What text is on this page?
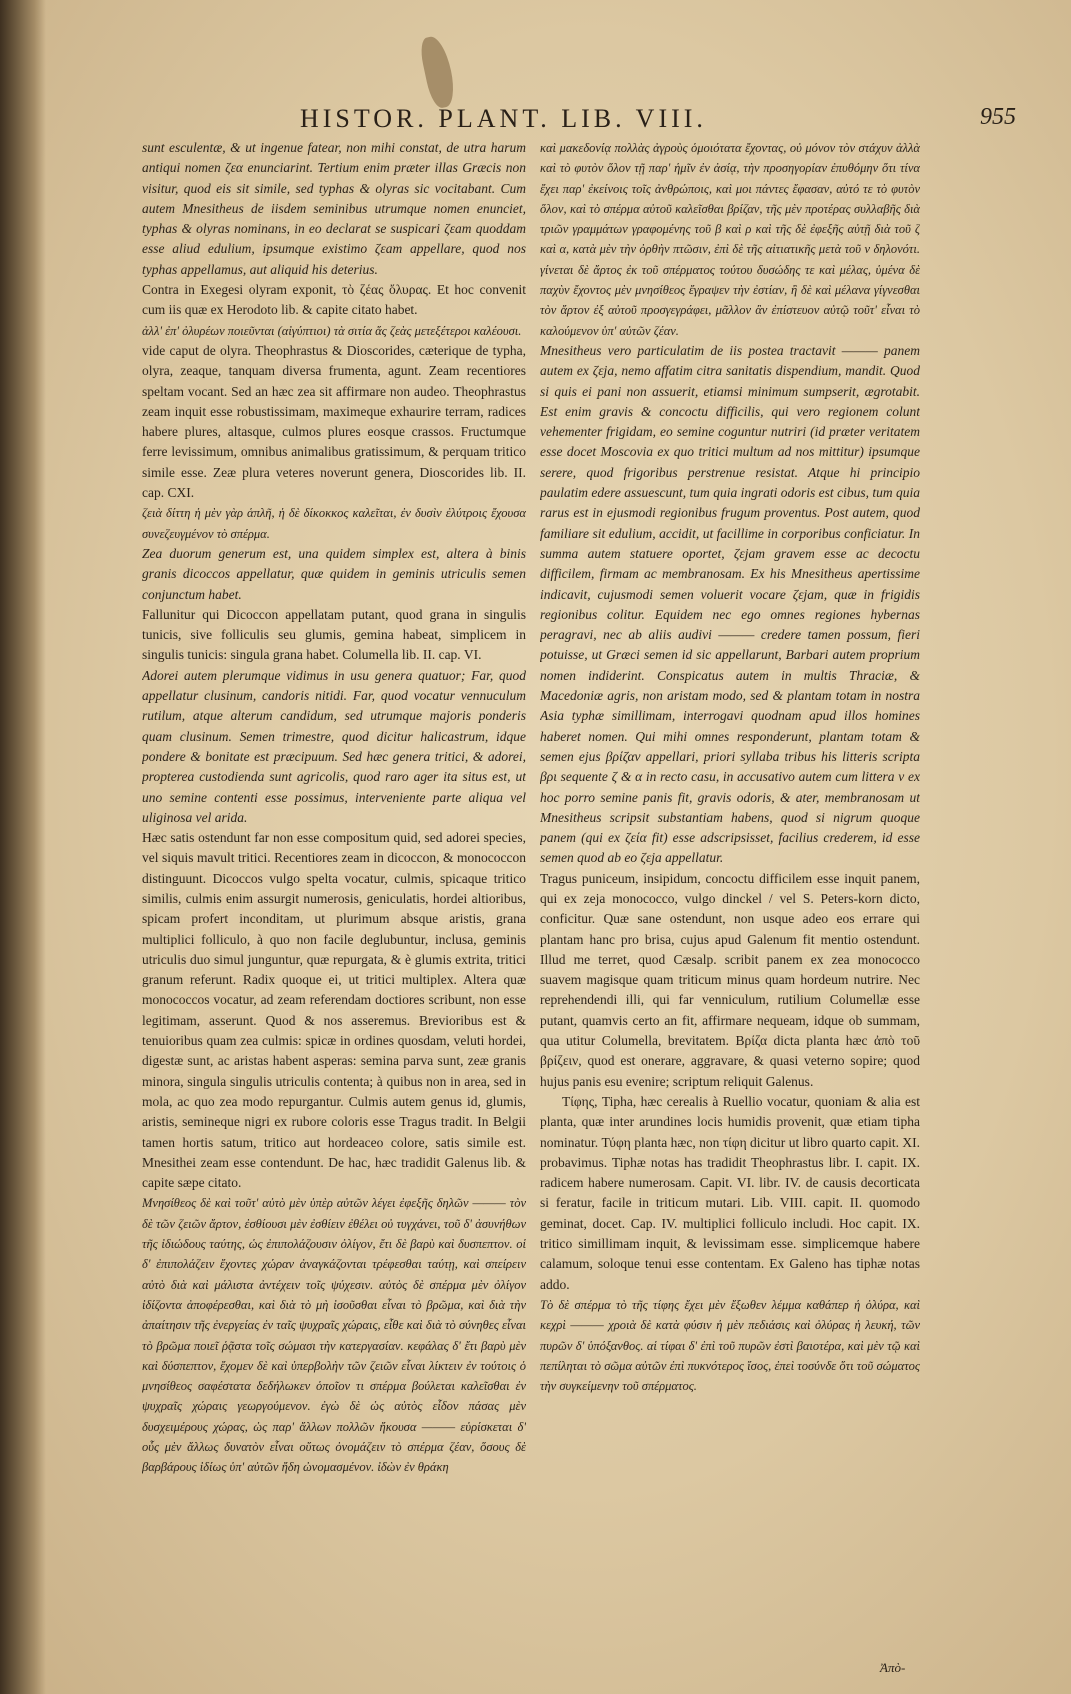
HISTOR. PLANT. LIB. VIII.	955

sunt esculentæ, & ut ingenue fatear, non mihi constat, de utra harum antiqui nomen ζεα enunciarint. Tertium enim præter illas Græcis non visitur, quod eis sit simile, sed typhas & olyras sic vocitabant. Cum autem Mnesitheus de iisdem seminibus utrumque nomen enunciet, typhas & olyras nominans, in eo declarat se suspicari ζεam quoddam esse aliud edulium, ipsumque existimo ζεam appellare, quod nos typhas appellamus, aut aliquid his deterius.

Contra in Exegesi olyram exponit, τὸ ζέας ὄλυρας. Et hoc convenit cum iis quæ ex Herodoto lib. & capite citato habet.

ἀλλ' ἐπ' ὀλυρέων ποιεῦνται (αἰγύπτιοι) τὰ σιτία ἅς ζεὰς μετεξέτεροι καλέουσι.

vide caput de olyra. Theophrastus & Dioscorides, cæterique de typha, olyra, zeaque, tanquam diversa frumenta, agunt. Zeam recentiores speltam vocant. Sed an hæc zea sit affirmare non audeo. Theophrastus zeam inquit esse robustissimam, maximeque exhaurire terram, radices habere plures, altasque, culmos plures eosque crassos. Fructumque ferre levissimum, omnibus animalibus gratissimum, & perquam tritico simile esse. Zeæ plura veteres noverunt genera, Dioscorides lib. II. cap. CXI.

ζειὰ δίττη ἡ μὲν γὰρ ἁπλῆ, ἡ δὲ δίκοκκος καλεῖται, ἐν δυσὶν ἐλύτροις ἔχουσα συνεζευγμένον τὸ σπέρμα.

Zea duorum generum est, una quidem simplex est, altera à binis granis dicoccos appellatur, quæ quidem in geminis utriculis semen conjunctum habet.

Fallunitur qui Dicoccon appellatam putant, quod grana in singulis tunicis, sive folliculis seu glumis, gemina habeat, simplicem in singulis tunicis: singula grana habet. Columella lib. II. cap. VI.

Adorei autem plerumque vidimus in usu genera quatuor; Far, quod appellatur clusinum, candoris nitidi. Far, quod vocatur vennuculum rutilum, atque alterum candidum, sed utrumque majoris ponderis quam clusinum. Semen trimestre, quod dicitur halicastrum, idque pondere & bonitate est præcipuum. Sed hæc genera tritici, & adorei, propterea custodienda sunt agricolis, quod raro ager ita situs est, ut uno semine contenti esse possimus, interveniente parte aliqua vel uliginosa vel arida.

Hæc satis ostendunt far non esse compositum quid, sed adorei species, vel siquis mavult tritici. Recentiores zeam in dicoccon, & monococcon distinguunt. Dicoccos vulgo spelta vocatur, culmis, spicaque tritico similis, culmis enim assurgit numerosis, geniculatis, hordei altioribus, spicam profert inconditam, ut plurimum absque aristis, grana multiplici folliculo, à quo non facile deglubuntur, inclusa, geminis utriculis duo simul junguntur, quæ repurgata, & è glumis extrita, tritici granum referunt. Radix quoque ei, ut tritici multiplex. Altera quæ monococcos vocatur, ad zeam referendam doctiores scribunt, non esse legitimam, asserunt. Quod & nos asseremus. Brevioribus est & tenuioribus quam zea culmis: spicæ in ordines quosdam, veluti hordei, digestæ sunt, ac aristas habent asperas: semina parva sunt, zeæ granis minora, singula singulis utriculis contenta; à quibus non in area, sed in mola, ac quo zea modo repurgantur. Culmis autem genus id, glumis, aristis, semineque nigri ex rubore coloris esse Tragus tradit. In Belgii tamen hortis satum, tritico aut hordeaceo colore, satis simile est. Mnesithei zeam esse contendunt. De hac, hæc tradidit Galenus lib. & capite sæpe citato.

Μνησίθεος δὲ καὶ τοῦτ' αὐτὸ μὲν ὑπὲρ αὐτῶν λέγει ἐφεξῆς δηλῶν ——— τὸν δὲ τῶν ζειῶν ἄρτον, ἐσθίουσι μὲν ἐσθίειν ἐθέλει οὐ τυγχάνει, τοῦ δ' ἀσυνήθων τῆς ἰδιώδους ταύτης, ὡς ἐπιπολάζουσιν ὀλίγον, ἔτι δὲ βαρὺ καὶ δυσπεπτον. οἱ δ' ἐπιπολάζειν ἔχοντες χώραν ἀναγκάζονται τρέφεσθαι ταύτῃ, καὶ σπείρειν αὐτὸ διὰ καὶ μάλιστα ἀντέχειν τοῖς ψύχεσιν. αὐτὸς δὲ σπέρμα μὲν ὀλίγον ἰδίζοντα ἀποφέρεσθαι, καὶ διὰ τὸ μὴ ἰσοῦσθαι εἶναι τὸ βρῶμα, καὶ διὰ τὴν ἀπαίτησιν τῆς ἐνεργείας ἐν ταῖς ψυχραῖς χώραις, εἶθε καὶ διὰ τὸ σύνηθες εἶναι τὸ βρῶμα ποιεῖ ῥᾷστα τοῖς σώμασι τὴν κατεργασίαν. κεφάλας δ' ἔτι βαρὺ μὲν καὶ δύσπεπτον, ἔχομεν δὲ καὶ ὑπερβολὴν τῶν ζειῶν εἶναι λίκτειν ἐν τούτοις ὁ μνησίθεος σαφέστατα δεδήλωκεν ὁποῖον τι σπέρμα βούλεται καλεῖσθαι ἐν ψυχραῖς χώραις γεωργούμενον. ἐγὼ δὲ ὡς αὐτὸς εἶδον πάσας μὲν δυσχειμέρους χώρας, ὡς παρ' ἄλλων πολλῶν ἤκουσα ——— εὑρίσκεται δ' οὖς μὲν ἄλλως δυνατὸν εἶναι οὕτως ὀνομάζειν τὸ σπέρμα ζέαν, ὅσους δὲ βαρβάρους ἰδίως ὑπ' αὐτῶν ἤδη ὠνομασμένον. ἰδὼν ἐν θράκη

καὶ μακεδονίᾳ πολλὰς ἀγροὺς ὁμοιότατα ἔχοντας, οὐ μόνον τὸν στάχυν ἀλλὰ καὶ τὸ φυτὸν ὅλον τῇ παρ' ἡμῖν ἐν ἀσίᾳ, τὴν προσηγορίαν ἐπυθόμην ὅτι τίνα ἔχει παρ' ἐκείνοις τοῖς ἀνθρώποις, καὶ μοι πάντες ἔφασαν, αὐτό τε τὸ φυτὸν ὅλον, καὶ τὸ σπέρμα αὐτοῦ καλεῖσθαι βρίζαν, τῆς μὲν προτέρας συλλαβῆς διὰ τριῶν γραμμάτων γραφομένης τοῦ β καὶ ρ καὶ τῆς δὲ ἐφεξῆς αὐτῇ διὰ τοῦ ζ καὶ α, κατὰ μὲν τὴν ὀρθὴν πτῶσιν, ἐπὶ δὲ τῆς αἰτιατικῆς μετὰ τοῦ ν δηλονότι. γίνεται δὲ ἄρτος ἐκ τοῦ σπέρματος τούτου δυσώδης τε καὶ μέλας, ὑμένα δὲ παχὺν ἔχοντος μὲν μνησίθεος ἔγραψεν τὴν ἐστίαν, ἢ δὲ καὶ μέλανα γίγνεσθαι τὸν ἄρτον ἐξ αὐτοῦ προσγεγράφει, μᾶλλον ἂν ἐπίστευον αὐτῷ τοῦτ' εἶναι τὸ καλούμενον ὑπ' αὐτῶν ζέαν.

Mnesitheus vero particulatim de iis postea tractavit ——— panem autem ex ζεja, nemo affatim citra sanitatis dispendium, mandit. Quod si quis ei pani non assuerit, etiamsi minimum sumpserit, ægrotabit. Est enim gravis & concoctu difficilis, qui vero regionem colunt vehementer frigidam, eo semine coguntur nutriri (id præter veritatem esse docet Moscovia ex quo tritici multum ad nos mittitur) ipsumque serere, quod frigoribus perstrenue resistat. Atque hi principio paulatim edere assuescunt, tum quia ingrati odoris est cibus, tum quia rarus est in ejusmodi regionibus frugum proventus. Post autem, quod familiare sit edulium, accidit, ut facillime in corporibus conficiatur. In summa autem statuere oportet, ζεjam gravem esse ac decoctu difficilem, firmam ac membranosam. Ex his Mnesitheus apertissime indicavit, cujusmodi semen voluerit vocare ζεjam, quæ in frigidis regionibus colitur. Equidem nec ego omnes regiones hybernas peragravi, nec ab aliis audivi ——— credere tamen possum, fieri potuisse, ut Græci semen id sic appellarunt, Barbari autem proprium nomen indiderint. Conspicatus autem in multis Thraciæ, & Macedoniæ agris, non aristam modo, sed & plantam totam in nostra Asia typhæ simillimam, interrogavi quodnam apud illos homines haberet nomen. Qui mihi omnes responderunt, plantam totam & semen ejus βρίζαν appellari, priori syllaba tribus his litteris scripta βρι sequente ζ & α in recto casu, in accusativo autem cum littera ν ex hoc porro semine panis fit, gravis odoris, & ater, membranosam ut Mnesitheus scripsit substantiam habens, quod si nigrum quoque panem (qui ex ζεία fit) esse adscripsisset, facilius crederem, id esse semen quod ab eo ζεja appellatur.

Tragus puniceum, insipidum, concoctu difficilem esse inquit panem, qui ex zeja monococco, vulgo dinckel / vel S. Peters-korn dicto, conficitur. Quæ sane ostendunt, non usque adeo eos errare qui plantam hanc pro brisa, cujus apud Galenum fit mentio ostendunt. Illud me terret, quod Cæsalp. scribit panem ex zea monococco suavem magisque quam triticum minus quam hordeum nutrire. Nec reprehendendi illi, qui far venniculum, rutilium Columellæ esse putant, quamvis certo an fit, affirmare nequeam, idque ob summam, qua utitur Columella, brevitatem. Βρίζα dicta planta hæc ἀπὸ τοῦ βρίζειν, quod est onerare, aggravare, & quasi veterno sopire; quod hujus panis esu evenire; scriptum reliquit Galenus.

Τίφης, Tipha, hæc cerealis à Ruellio vocatur, quoniam & alia est planta, quæ inter arundines locis humidis provenit, quæ etiam tipha nominatur. Τύφη planta hæc, non τίφη dicitur ut libro quarto capit. XI. probavimus. Tiphæ notas has tradidit Theophrastus libr. I. capit. IX. radicem habere numerosam. Capit. VI. libr. IV. de causis decorticata si feratur, facile in triticum mutari. Lib. VIII. capit. II. quomodo geminat, docet. Cap. IV. multiplici folliculo includi. Hoc capit. IX. tritico simillimam inquit, & levissimam esse. simplicemque habere calamum, soloque tenui esse contentam. Ex Galeno has tiphæ notas addo.

Τὸ δὲ σπέρμα τὸ τῆς τίφης ἔχει μὲν ἔξωθεν λέμμα καθάπερ ἡ ὀλύρα, καὶ κεχρὶ ——— χροιὰ δὲ κατὰ φύσιν ἡ μὲν πεδιάσις καὶ ὀλύρας ἡ λευκή, τῶν πυρῶν δ' ὑπόξανθος. αἱ τίφαι δ' ἐπὶ τοῦ πυρῶν ἐστὶ βαιοτέρα, καὶ μὲν τῷ καὶ πεπίληται τὸ σῶμα αὐτῶν ἐπὶ πυκνότερος ἴσος, ἐπεὶ τοσύνδε ὅτι τοῦ σώματος τὴν συγκείμενην τοῦ σπέρματος.

Ἀπὸ-
